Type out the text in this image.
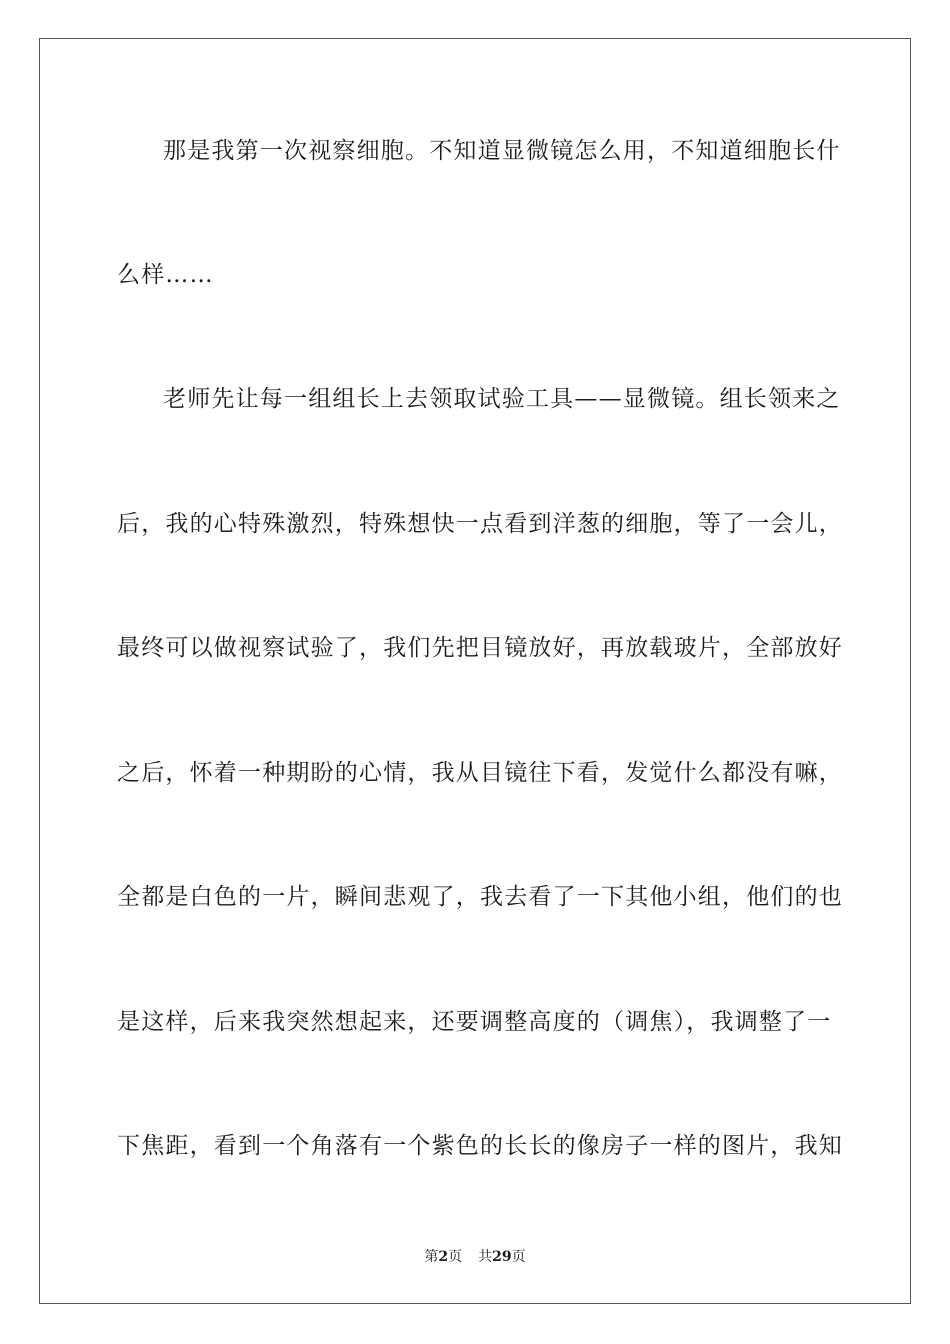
那是我第一次视察细胞。不知道显微镜怎么用，不知道细胞长什
么样……
老师先让每一组组长上去领取试验工具——显微镜。组长领来之
后，我的心特殊激烈，特殊想快一点看到洋葱的细胞，等了一会儿，
最终可以做视察试验了，我们先把目镜放好，再放载玻片，全部放好
之后，怀着一种期盼的心情，我从目镜往下看，发觉什么都没有嘛，
全都是白色的一片，瞬间悲观了，我去看了一下其他小组，他们的也
是这样，后来我突然想起来，还要调整高度的（调焦），我调整了一
下焦距，看到一个角落有一个紫色的长长的像房子一样的图片，我知
第2页 共29页
